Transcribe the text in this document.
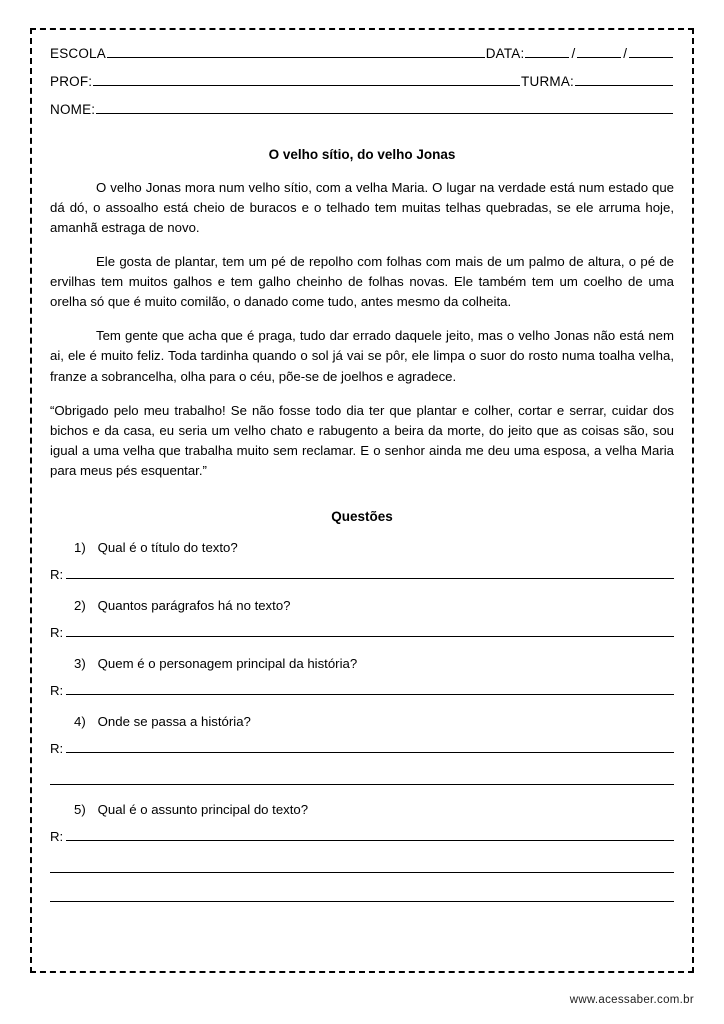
ESCOLA	DATA:	/	/
PROF:	TURMA:
NOME:
O velho sítio, do velho Jonas

O velho Jonas mora num velho sítio, com a velha Maria. O lugar na verdade está num estado que dá dó, o assoalho está cheio de buracos e o telhado tem muitas telhas quebradas, se ele arruma hoje, amanhã estraga de novo.

Ele gosta de plantar, tem um pé de repolho com folhas com mais de um palmo de altura, o pé de ervilhas tem muitos galhos e tem galho cheinho de folhas novas. Ele também tem um coelho de uma orelha só que é muito comilão, o danado come tudo, antes mesmo da colheita.

Tem gente que acha que é praga, tudo dar errado daquele jeito, mas o velho Jonas não está nem ai, ele é muito feliz. Toda tardinha quando o sol já vai se pôr, ele limpa o suor do rosto numa toalha velha, franze a sobrancelha, olha para o céu, põe-se de joelhos e agradece.

“Obrigado pelo meu trabalho! Se não fosse todo dia ter que plantar e colher, cortar e serrar, cuidar dos bichos e da casa, eu seria um velho chato e rabugento a beira da morte, do jeito que as coisas são, sou igual a uma velha que trabalha muito sem reclamar. E o senhor ainda me deu uma esposa, a velha Maria para meus pés esquentar.”

Questões
1) Qual é o título do texto?
R:
2) Quantos parágrafos há no texto?
R:
3) Quem é o personagem principal da história?
R:
4) Onde se passa a história?
R:
5) Qual é o assunto principal do texto?
R:
www.acessaber.com.br
